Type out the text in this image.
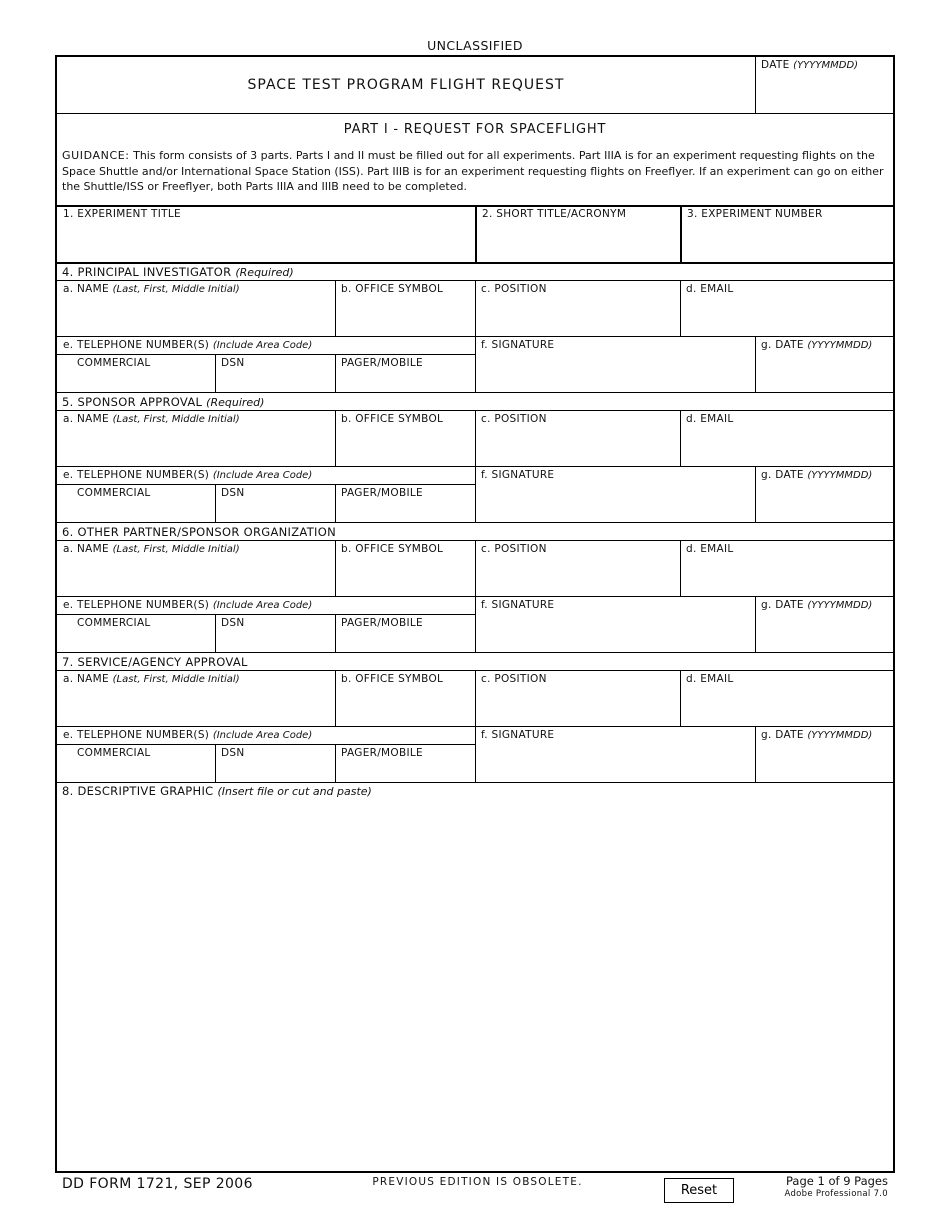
UNCLASSIFIED
SPACE TEST PROGRAM FLIGHT REQUEST
DATE (YYYYMMDD)
PART I - REQUEST FOR SPACEFLIGHT
GUIDANCE: This form consists of 3 parts. Parts I and II must be filled out for all experiments. Part IIIA is for an experiment requesting flights on the Space Shuttle and/or International Space Station (ISS). Part IIIB is for an experiment requesting flights on Freeflyer. If an experiment can go on either the Shuttle/ISS or Freeflyer, both Parts IIIA and IIIB need to be completed.
1. EXPERIMENT TITLE	2. SHORT TITLE/ACRONYM	3. EXPERIMENT NUMBER
4. PRINCIPAL INVESTIGATOR (Required)
a. NAME (Last, First, Middle Initial)	b. OFFICE SYMBOL	c. POSITION	d. EMAIL
e. TELEPHONE NUMBER(S) (Include Area Code)
COMMERCIAL	DSN	PAGER/MOBILE
f. SIGNATURE	g. DATE (YYYYMMDD)
5. SPONSOR APPROVAL (Required)
a. NAME (Last, First, Middle Initial)	b. OFFICE SYMBOL	c. POSITION	d. EMAIL
e. TELEPHONE NUMBER(S) (Include Area Code)
COMMERCIAL	DSN	PAGER/MOBILE
f. SIGNATURE	g. DATE (YYYYMMDD)
6. OTHER PARTNER/SPONSOR ORGANIZATION
a. NAME (Last, First, Middle Initial)	b. OFFICE SYMBOL	c. POSITION	d. EMAIL
e. TELEPHONE NUMBER(S) (Include Area Code)
COMMERCIAL	DSN	PAGER/MOBILE
f. SIGNATURE	g. DATE (YYYYMMDD)
7. SERVICE/AGENCY APPROVAL
a. NAME (Last, First, Middle Initial)	b. OFFICE SYMBOL	c. POSITION	d. EMAIL
e. TELEPHONE NUMBER(S) (Include Area Code)
COMMERCIAL	DSN	PAGER/MOBILE
f. SIGNATURE	g. DATE (YYYYMMDD)
8. DESCRIPTIVE GRAPHIC (Insert file or cut and paste)
DD FORM 1721, SEP 2006	PREVIOUS EDITION IS OBSOLETE.
Reset
Page 1 of 9 Pages
Adobe Professional 7.0
